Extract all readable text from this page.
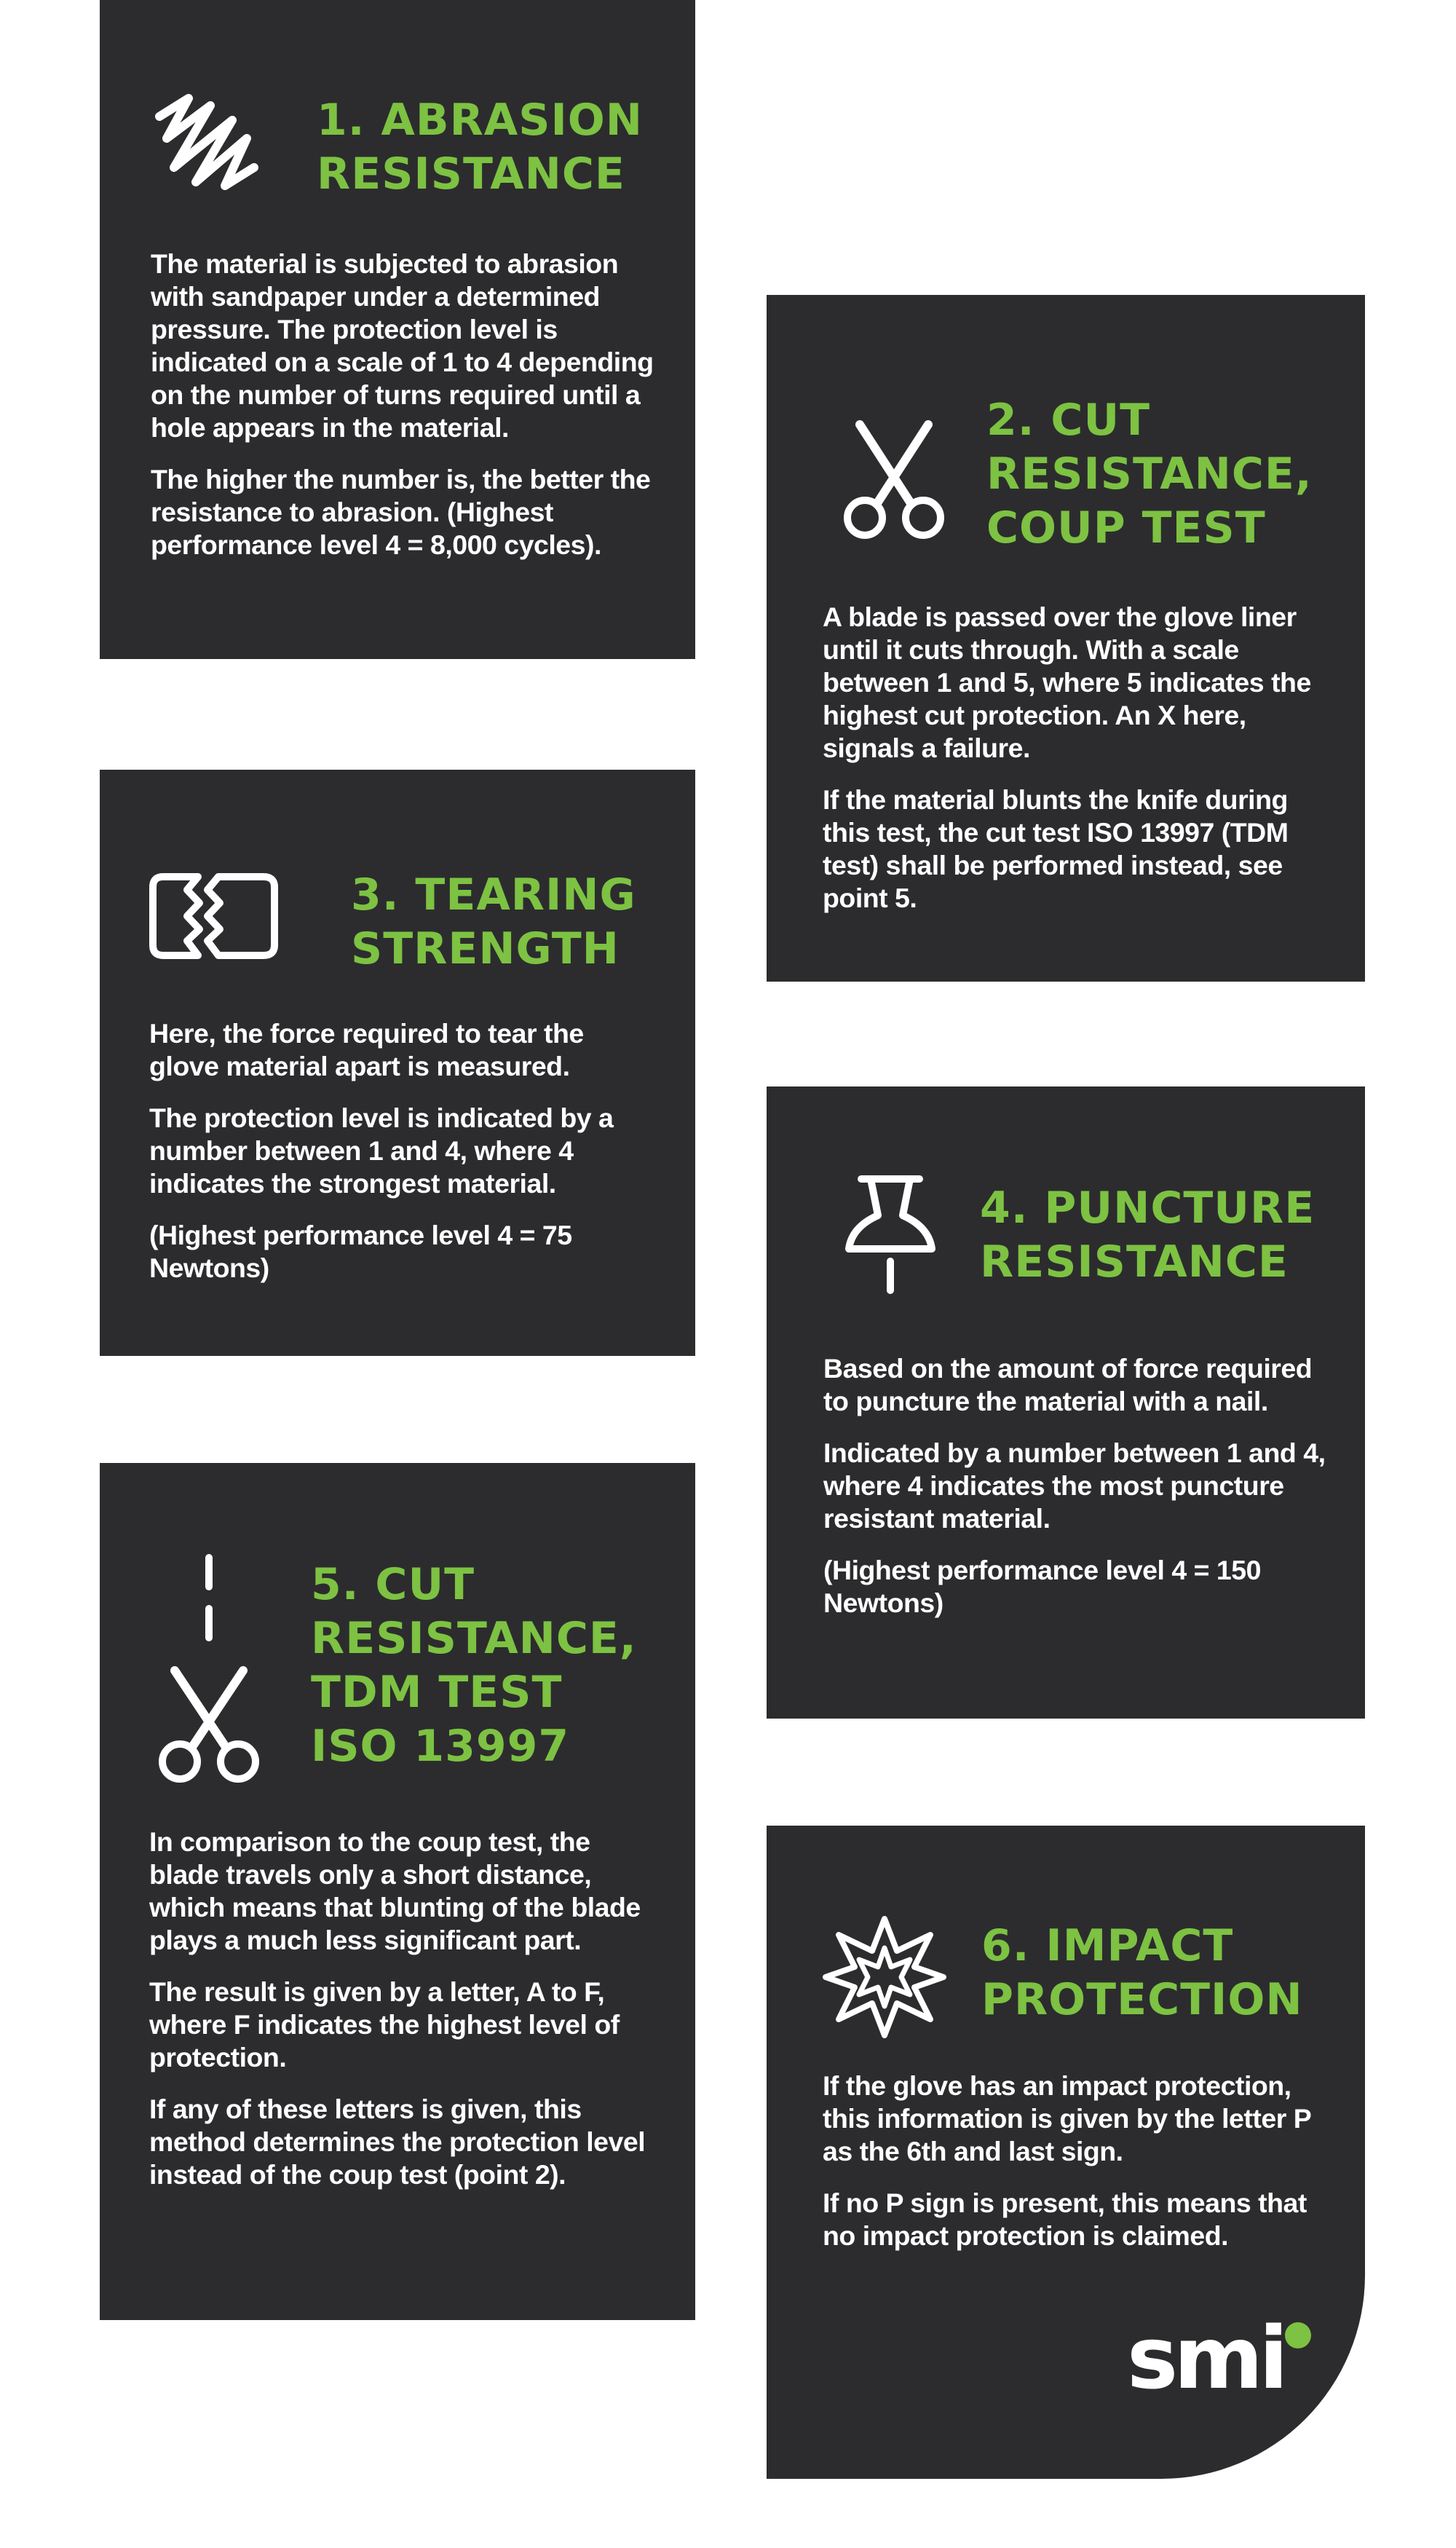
1. ABRASION
RESISTANCE

The material is subjected to abrasion with sandpaper under a determined pressure. The protection level is indicated on a scale of 1 to 4 depending on the number of turns required until a hole appears in the material.

The higher the number is, the better the resistance to abrasion. (Highest performance level 4 = 8,000 cycles).

2. CUT
RESISTANCE,
COUP TEST

A blade is passed over the glove liner until it cuts through. With a scale between 1 and 5, where 5 indicates the highest cut protection. An X here, signals a failure.

If the material blunts the knife during this test, the cut test ISO 13997 (TDM test) shall be performed instead, see point 5.

3. TEARING
STRENGTH

Here, the force required to tear the glove material apart is measured.

The protection level is indicated by a number between 1 and 4, where 4 indicates the strongest material.

(Highest performance level 4 = 75 Newtons)

4. PUNCTURE
RESISTANCE

Based on the amount of force required to puncture the material with a nail.

Indicated by a number between 1 and 4, where 4 indicates the most puncture resistant material.

(Highest performance level 4 = 150 Newtons)

5. CUT
RESISTANCE,
TDM TEST
ISO 13997

In comparison to the coup test, the blade travels only a short distance, which means that blunting of the blade plays a much less significant part.

The result is given by a letter, A to F, where F indicates the highest level of protection.

If any of these letters is given, this method determines the protection level instead of the coup test (point 2).

6. IMPACT
PROTECTION

If the glove has an impact protection, this information is given by the letter P as the 6th and last sign.

If no P sign is present, this means that no impact protection is claimed.

smi
